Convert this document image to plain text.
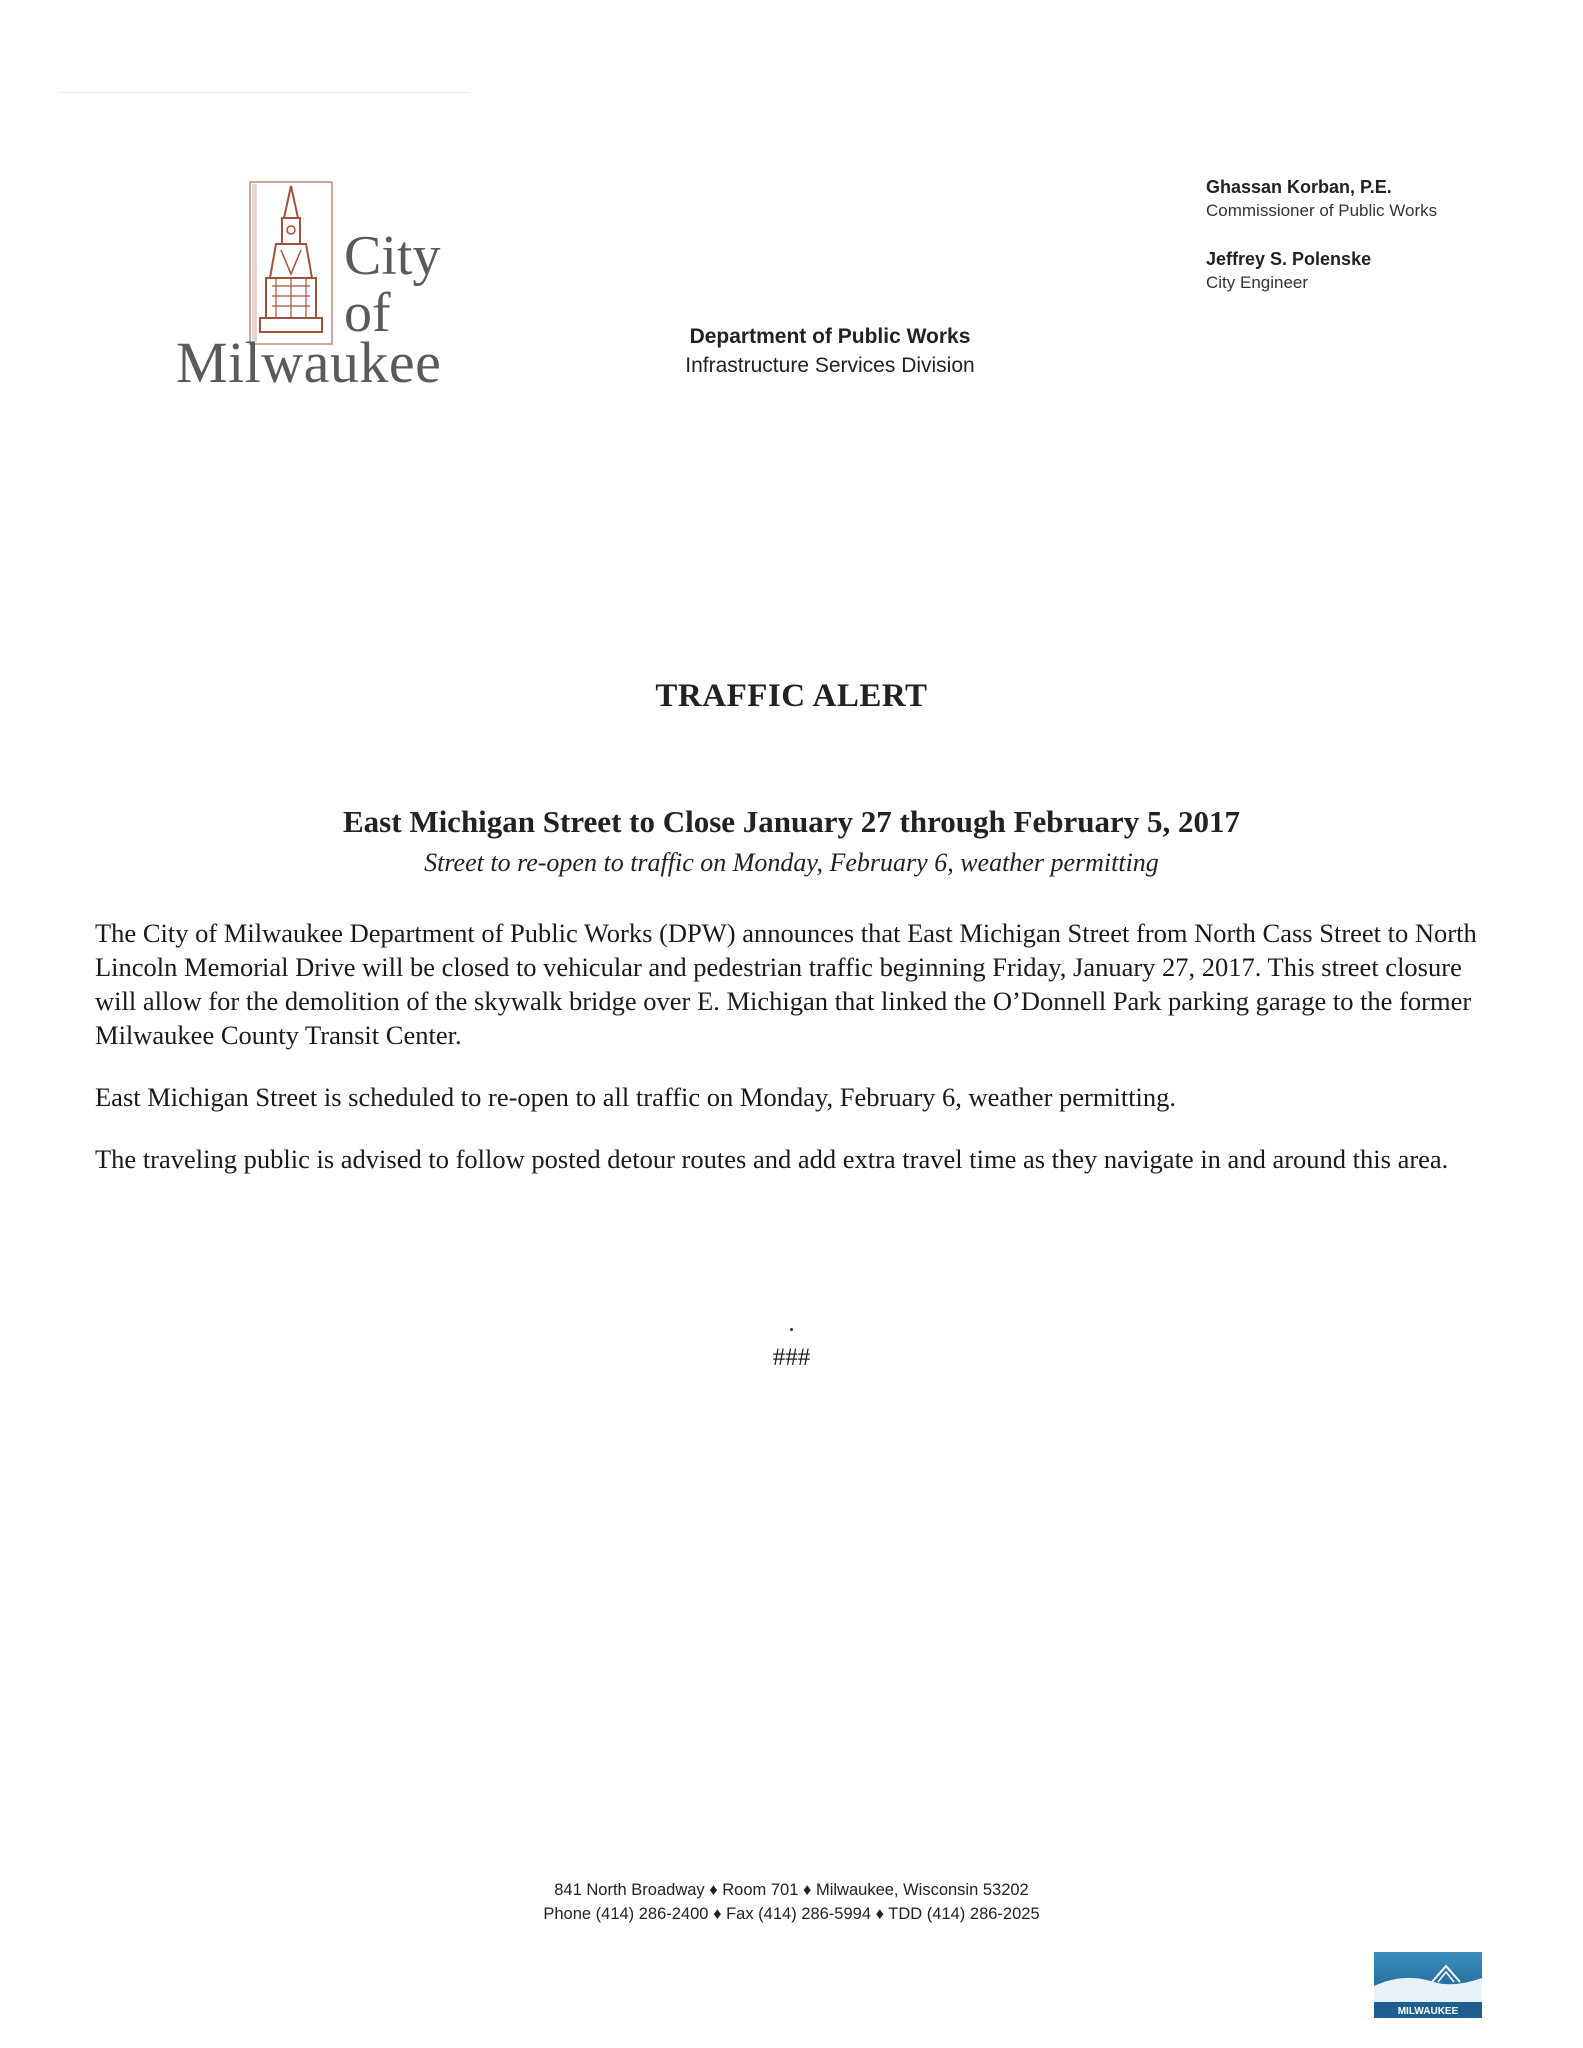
City
of
Milwaukee	Department of Public Works
Infrastructure Services Division
Ghassan Korban, P.E.
Commissioner of Public Works
Jeffrey S. Polenske
City Engineer
TRAFFIC ALERT
East Michigan Street to Close January 27 through February 5, 2017
Street to re-open to traffic on Monday, February 6, weather permitting

The City of Milwaukee Department of Public Works (DPW) announces that East Michigan Street from North Cass Street to North Lincoln Memorial Drive will be closed to vehicular and pedestrian traffic beginning Friday, January 27, 2017. This street closure will allow for the demolition of the skywalk bridge over E. Michigan that linked the O’Donnell Park parking garage to the former Milwaukee County Transit Center.

East Michigan Street is scheduled to re-open to all traffic on Monday, February 6, weather permitting.

The traveling public is advised to follow posted detour routes and add extra travel time as they navigate in and around this area.

###
841 North Broadway ♦ Room 701 ♦ Milwaukee, Wisconsin 53202
Phone (414) 286-2400 ♦ Fax (414) 286-5994 ♦ TDD (414) 286-2025
MILWAUKEE
